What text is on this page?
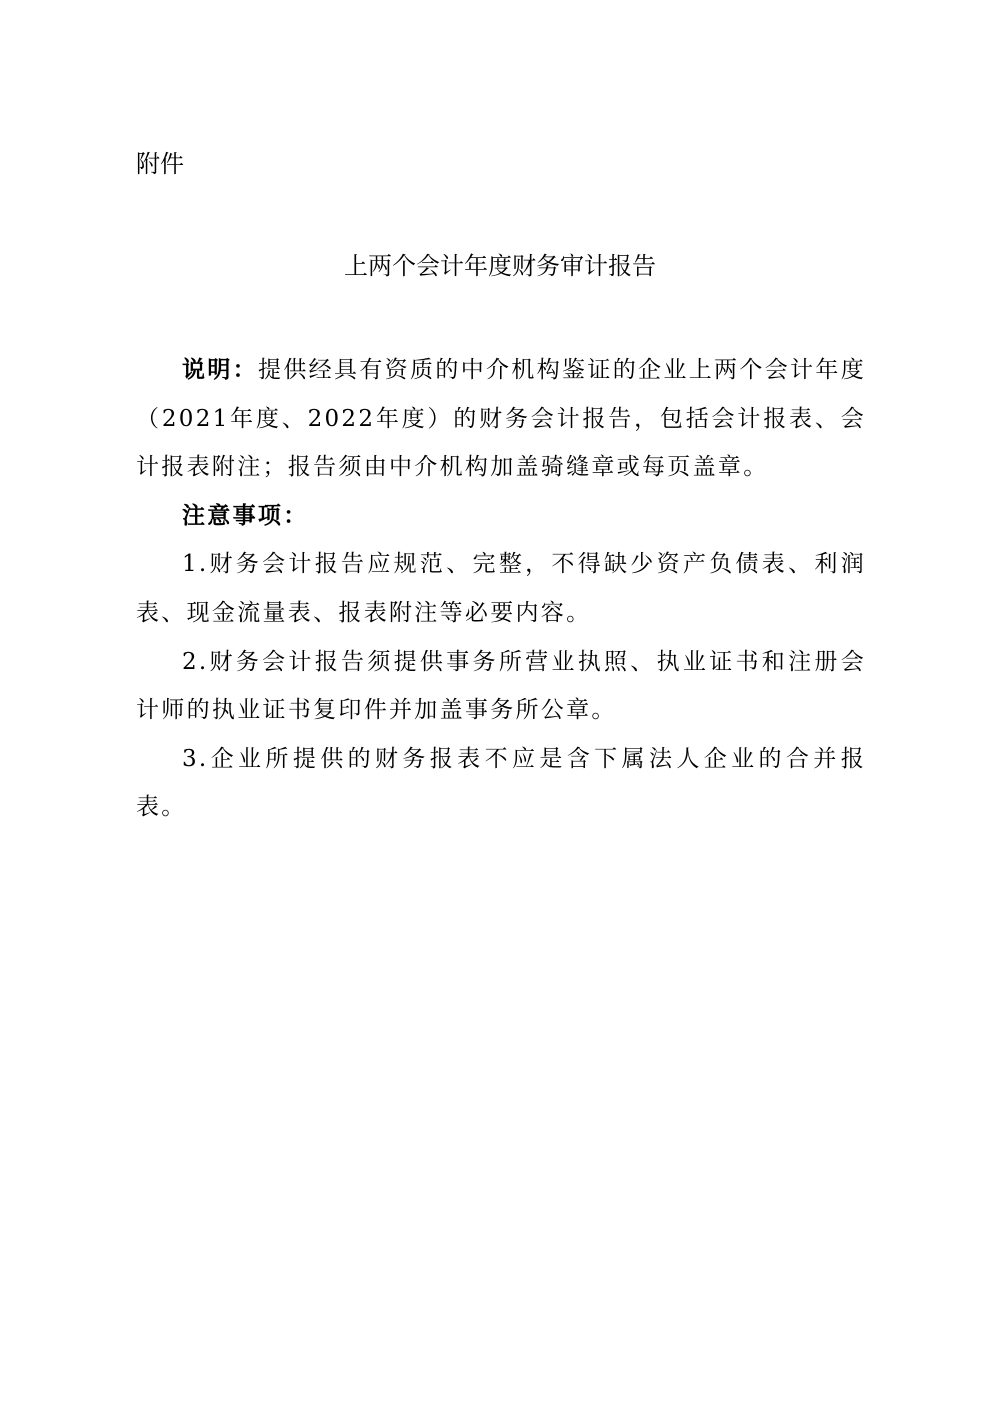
附件
上两个会计年度财务审计报告

说明：提供经具有资质的中介机构鉴证的企业上两个会计年度（2021年度、2022年度）的财务会计报告，包括会计报表、会计报表附注；报告须由中介机构加盖骑缝章或每页盖章。

注意事项：

1.财务会计报告应规范、完整，不得缺少资产负债表、利润表、现金流量表、报表附注等必要内容。

2.财务会计报告须提供事务所营业执照、执业证书和注册会计师的执业证书复印件并加盖事务所公章。

3.企业所提供的财务报表不应是含下属法人企业的合并报表。
